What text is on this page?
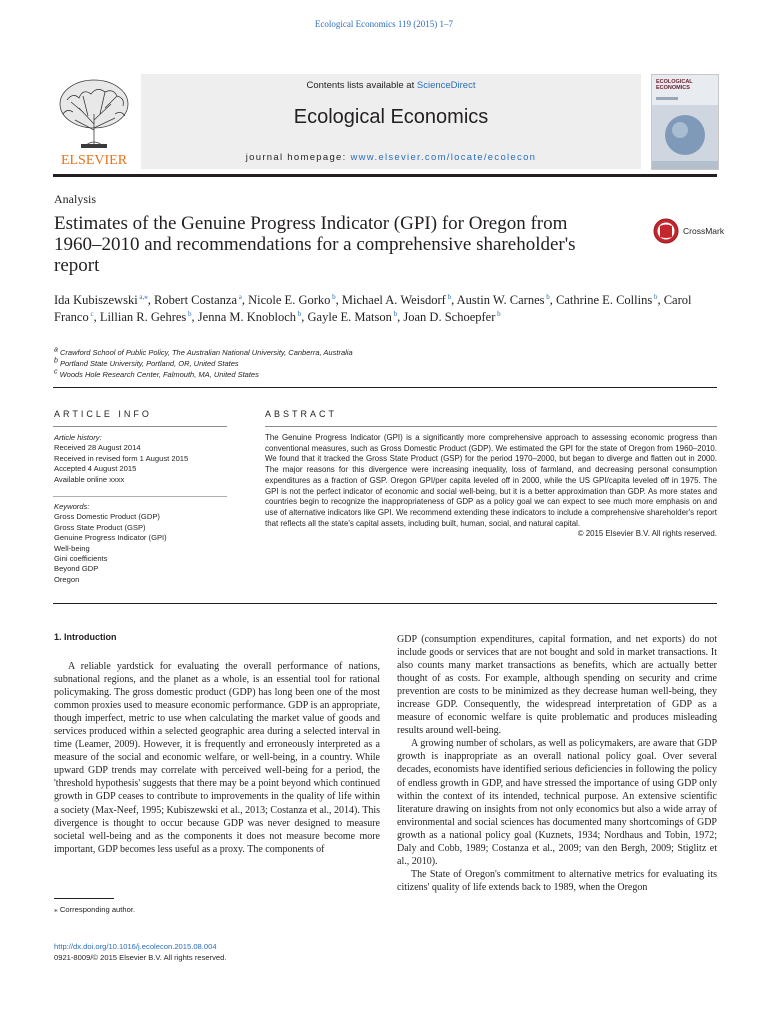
Ecological Economics 119 (2015) 1–7
ELSEVIER
Contents lists available at ScienceDirect
Ecological Economics
journal homepage: www.elsevier.com/locate/ecolecon
ECOLOGICAL ECONOMICS
Analysis
Estimates of the Genuine Progress Indicator (GPI) for Oregon from 1960–2010 and recommendations for a comprehensive shareholder's report
CrossMark
Ida Kubiszewski $^{a,⁎}$, Robert Costanza $^a$, Nicole E. Gorko $^b$, Michael A. Weisdorf $^b$, Austin W. Carnes $^b$, Cathrine E. Collins $^b$, Carol Franco $^c$, Lillian R. Gehres $^b$, Jenna M. Knobloch $^b$, Gayle E. Matson $^b$, Joan D. Schoepfer $^b$
$^a$ Crawford School of Public Policy, The Australian National University, Canberra, Australia
$^b$ Portland State University, Portland, OR, United States
$^c$ Woods Hole Research Center, Falmouth, MA, United States
ARTICLE INFO	ABSTRACT
Article history:
Received 28 August 2014
Received in revised form 1 August 2015
Accepted 4 August 2015
Available online xxxx
Keywords:
Gross Domestic Product (GDP)
Gross State Product (GSP)
Genuine Progress Indicator (GPI)
Well-being
Gini coefficients
Beyond GDP
Oregon
The Genuine Progress Indicator (GPI) is a significantly more comprehensive approach to assessing economic progress than conventional measures, such as Gross Domestic Product (GDP). We estimated the GPI for the state of Oregon from 1960–2010. We found that it tracked the Gross State Product (GSP) for the period 1970–2000, but began to diverge and flatten out in 2000. The major reasons for this divergence were increasing inequality, loss of farmland, and decreasing personal consumption expenditures as a fraction of GSP. Oregon GPI/per capita leveled off in 2000, while the US GPI/capita leveled off in 1975. The GPI is not the perfect indicator of economic and social well-being, but it is a better approximation than GDP. As more states and countries begin to recognize the inappropriateness of GDP as a policy goal we can expect to see much more emphasis on and use of alternative indicators like GPI. We recommend extending these indicators to include a comprehensive shareholder's report that reflects all the state's capital assets, including built, human, social, and natural capital.
© 2015 Elsevier B.V. All rights reserved.
1. Introduction

A reliable yardstick for evaluating the overall performance of nations, subnational regions, and the planet as a whole, is an essential tool for rational policymaking. The gross domestic product (GDP) has long been one of the most common proxies used to measure economic performance. GDP is an appropriate, though imperfect, metric to use when calculating the market value of goods and services produced within a selected geographic area during a selected interval in time (Leamer, 2009). However, it is frequently and erroneously interpreted as a measure of the social and economic welfare, or well-being, in a country. While upward GDP trends may correlate with perceived well-being for a period, the 'threshold hypothesis' suggests that there may be a point beyond which continued growth in GDP ceases to contribute to improvements in the quality of life within a society (Max-Neef, 1995; Kubiszewski et al., 2013; Costanza et al., 2014). This divergence is thought to occur because GDP was never designed to measure societal well-being and as the components it does not measure become more important, GDP becomes less useful as a proxy. The components of

GDP (consumption expenditures, capital formation, and net exports) do not include goods or services that are not bought and sold in market transactions. It also counts many market transactions as benefits, which are actually better thought of as costs. For example, although spending on security and crime prevention are costs to be minimized as they decrease human well-being, they increase GDP. Consequently, the widespread interpretation of GDP as a measure of economic welfare is quite problematic and produces misleading results around well-being.

A growing number of scholars, as well as policymakers, are aware that GDP growth is inappropriate as an overall national policy goal. Over several decades, economists have identified serious deficiencies in following the policy of endless growth in GDP, and have stressed the importance of using GDP only within the context of its intended, technical purpose. An extensive scientific literature drawing on insights from not only economics but also a wide array of environmental and social sciences has documented many shortcomings of GDP growth as a national policy goal (Kuznets, 1934; Nordhaus and Tobin, 1972; Daly and Cobb, 1989; Costanza et al., 2009; van den Bergh, 2009; Stiglitz et al., 2010).

The State of Oregon's commitment to alternative metrics for evaluating its citizens' quality of life extends back to 1989, when the Oregon

⁎ Corresponding author.
http://dx.doi.org/10.1016/j.ecolecon.2015.08.004
0921-8009/© 2015 Elsevier B.V. All rights reserved.
